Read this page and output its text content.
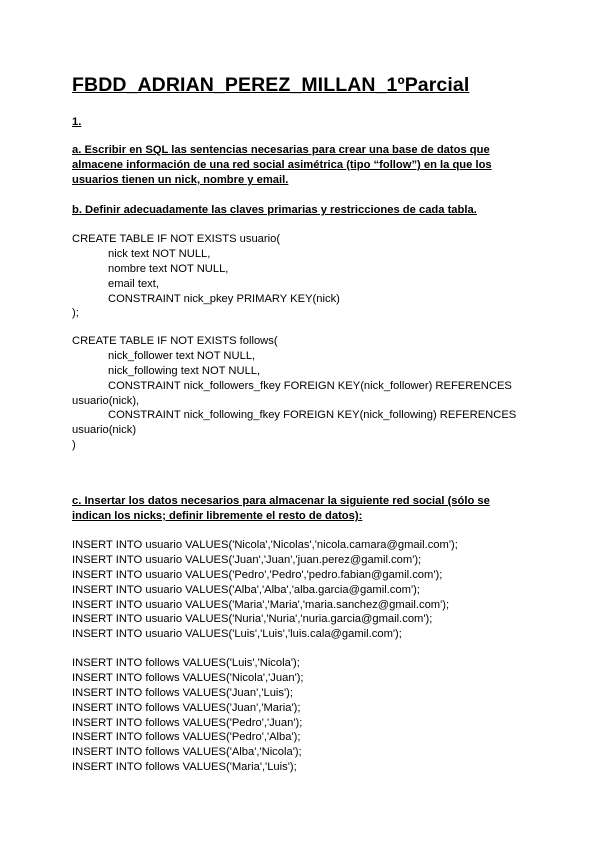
FBDD_ADRIAN_PEREZ_MILLAN_1ºParcial
1.
a. Escribir en SQL las sentencias necesarias para crear una base de datos que
almacene información de una red social asimétrica (tipo “follow”) en la que los
usuarios tienen un nick, nombre y email.
b. Definir adecuadamente las claves primarias y restricciones de cada tabla.
CREATE TABLE IF NOT EXISTS usuario(
nick text NOT NULL,
nombre text NOT NULL,
email text,
CONSTRAINT nick_pkey PRIMARY KEY(nick)
);
CREATE TABLE IF NOT EXISTS follows(
nick_follower text NOT NULL,
nick_following text NOT NULL,
CONSTRAINT nick_followers_fkey FOREIGN KEY(nick_follower) REFERENCES
usuario(nick),
CONSTRAINT nick_following_fkey FOREIGN KEY(nick_following) REFERENCES
usuario(nick)
)
c. Insertar los datos necesarios para almacenar la siguiente red social (sólo se
indican los nicks; definir libremente el resto de datos):
INSERT INTO usuario VALUES('Nicola','Nicolas','nicola.camara@gmail.com');
INSERT INTO usuario VALUES('Juan','Juan','juan.perez@gamil.com');
INSERT INTO usuario VALUES('Pedro','Pedro','pedro.fabian@gamil.com');
INSERT INTO usuario VALUES('Alba','Alba','alba.garcia@gamil.com');
INSERT INTO usuario VALUES('Maria','Maria','maria.sanchez@gmail.com');
INSERT INTO usuario VALUES('Nuria','Nuria','nuria.garcia@gmail.com');
INSERT INTO usuario VALUES('Luis','Luis','luis.cala@gamil.com');
INSERT INTO follows VALUES('Luis','Nicola');
INSERT INTO follows VALUES('Nicola','Juan');
INSERT INTO follows VALUES('Juan','Luis');
INSERT INTO follows VALUES('Juan','Maria');
INSERT INTO follows VALUES('Pedro','Juan');
INSERT INTO follows VALUES('Pedro','Alba');
INSERT INTO follows VALUES('Alba','Nicola');
INSERT INTO follows VALUES('Maria','Luis');
